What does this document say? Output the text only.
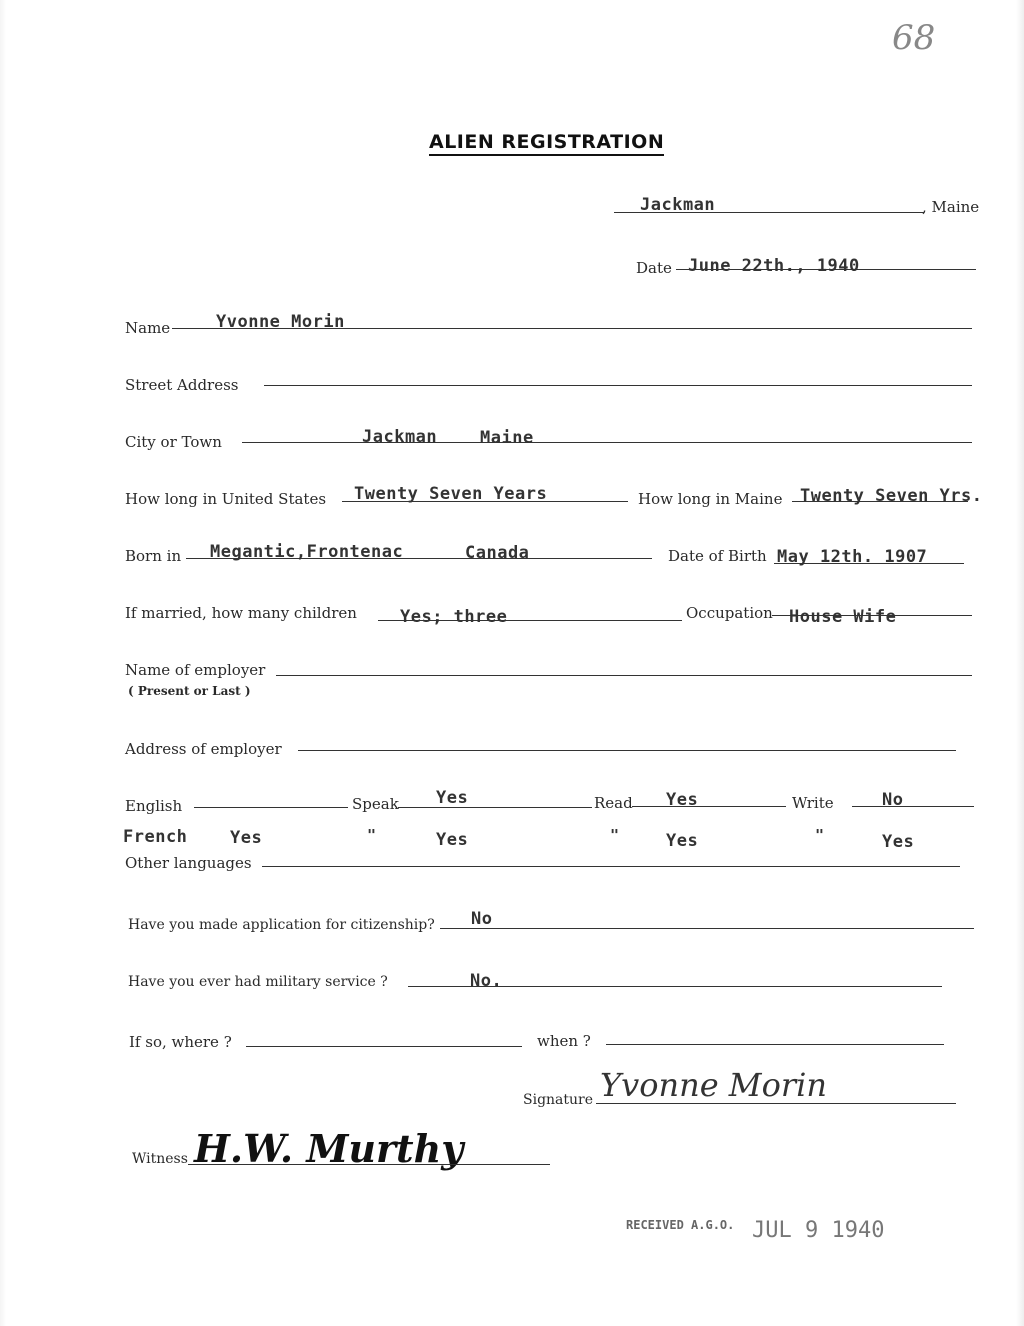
68
ALIEN REGISTRATION
Jackman	, Maine
Date June 22th., 1940
Name	Yvonne Morin
Street Address
City or Town	Jackman	Maine
How long in United States Twenty Seven Years	How long in Maine Twenty Seven Yrs.
Born in Megantic,Frontenac	Canada	Date of Birth May 12th. 1907
If married, how many children	Yes; three	Occupation House Wife
Name of employer
( Present or Last )
Address of employer
English	Speak Yes	Read Yes	Write	No
French	Yes	"	Yes	"	Yes	"	Yes
Other languages
Have you made application for citizenship? No
Have you ever had military service ?	No.
If so, where ?	when ?
Signature Yvonne Morin
Witness H.W. Murthy
RECEIVED A.G.O. JUL 9 1940
